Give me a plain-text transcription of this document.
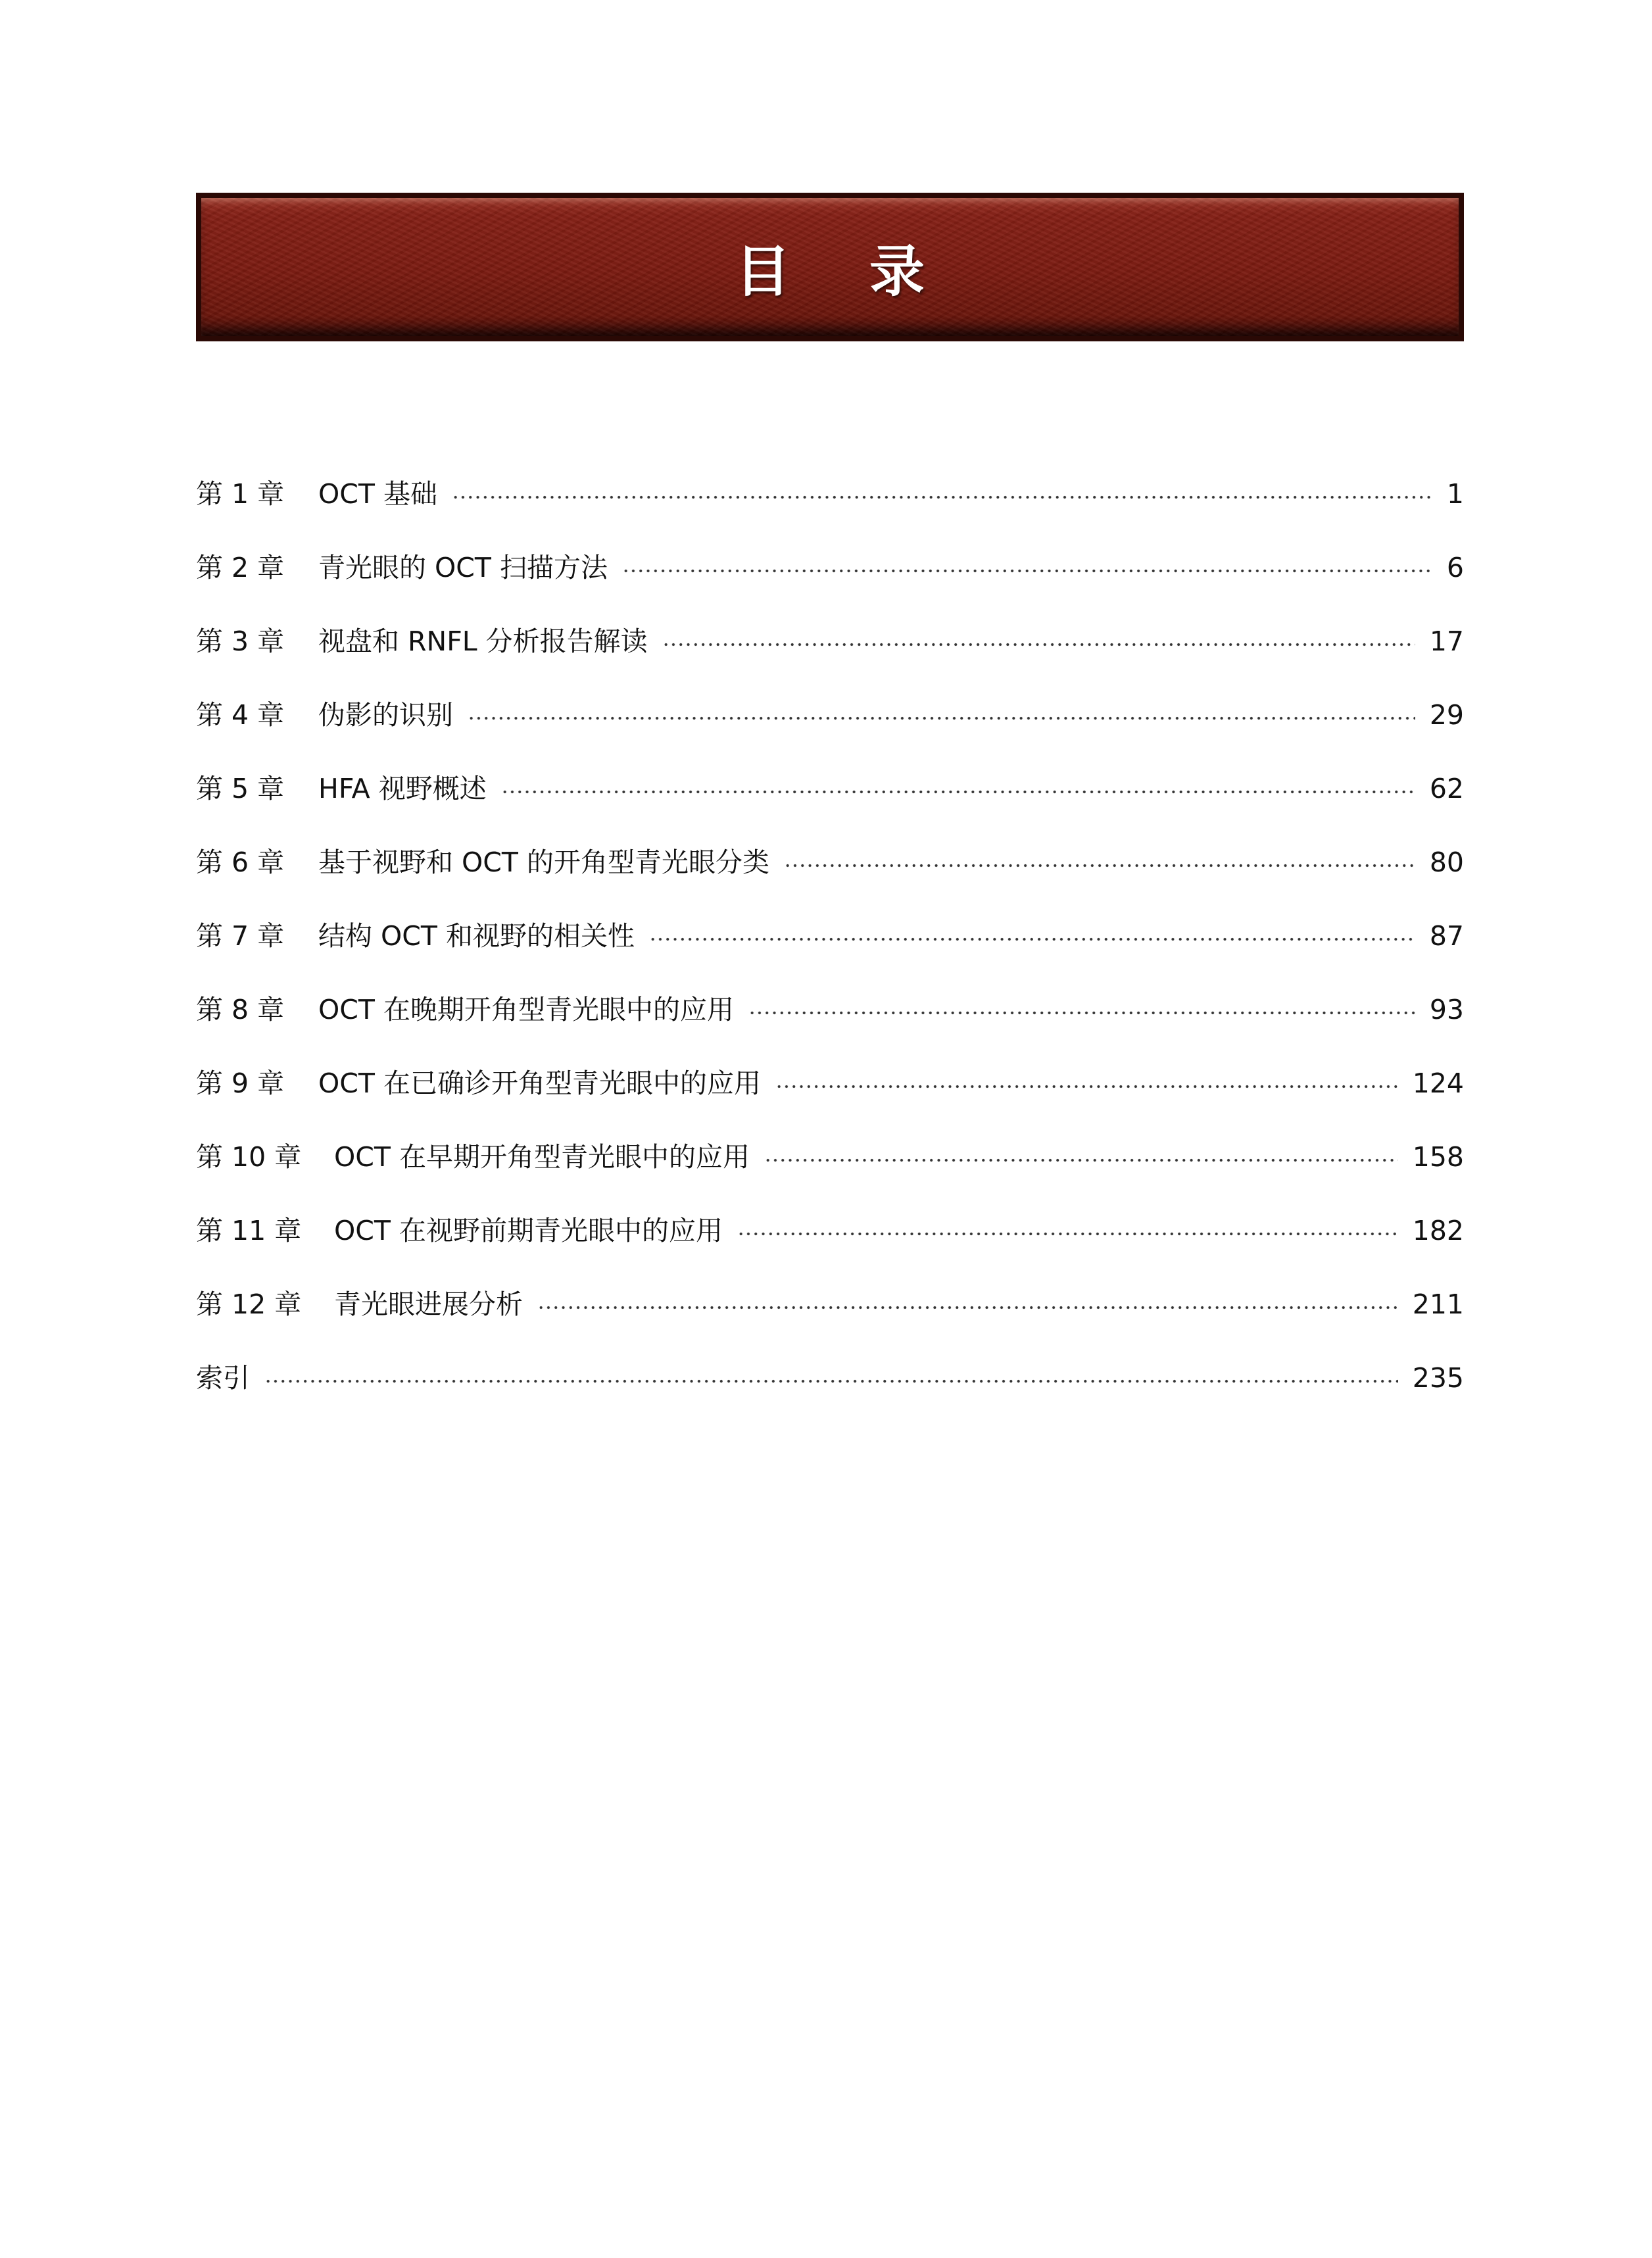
目录
第 1 章	OCT 基础	1
第 2 章	青光眼的 OCT 扫描方法	6
第 3 章	视盘和 RNFL 分析报告解读	17
第 4 章	伪影的识别	29
第 5 章	HFA 视野概述	62
第 6 章	基于视野和 OCT 的开角型青光眼分类	80
第 7 章	结构 OCT 和视野的相关性	87
第 8 章	OCT 在晚期开角型青光眼中的应用	93
第 9 章	OCT 在已确诊开角型青光眼中的应用	124
第 10 章	OCT 在早期开角型青光眼中的应用	158
第 11 章	OCT 在视野前期青光眼中的应用	182
第 12 章	青光眼进展分析	211
索引	235
